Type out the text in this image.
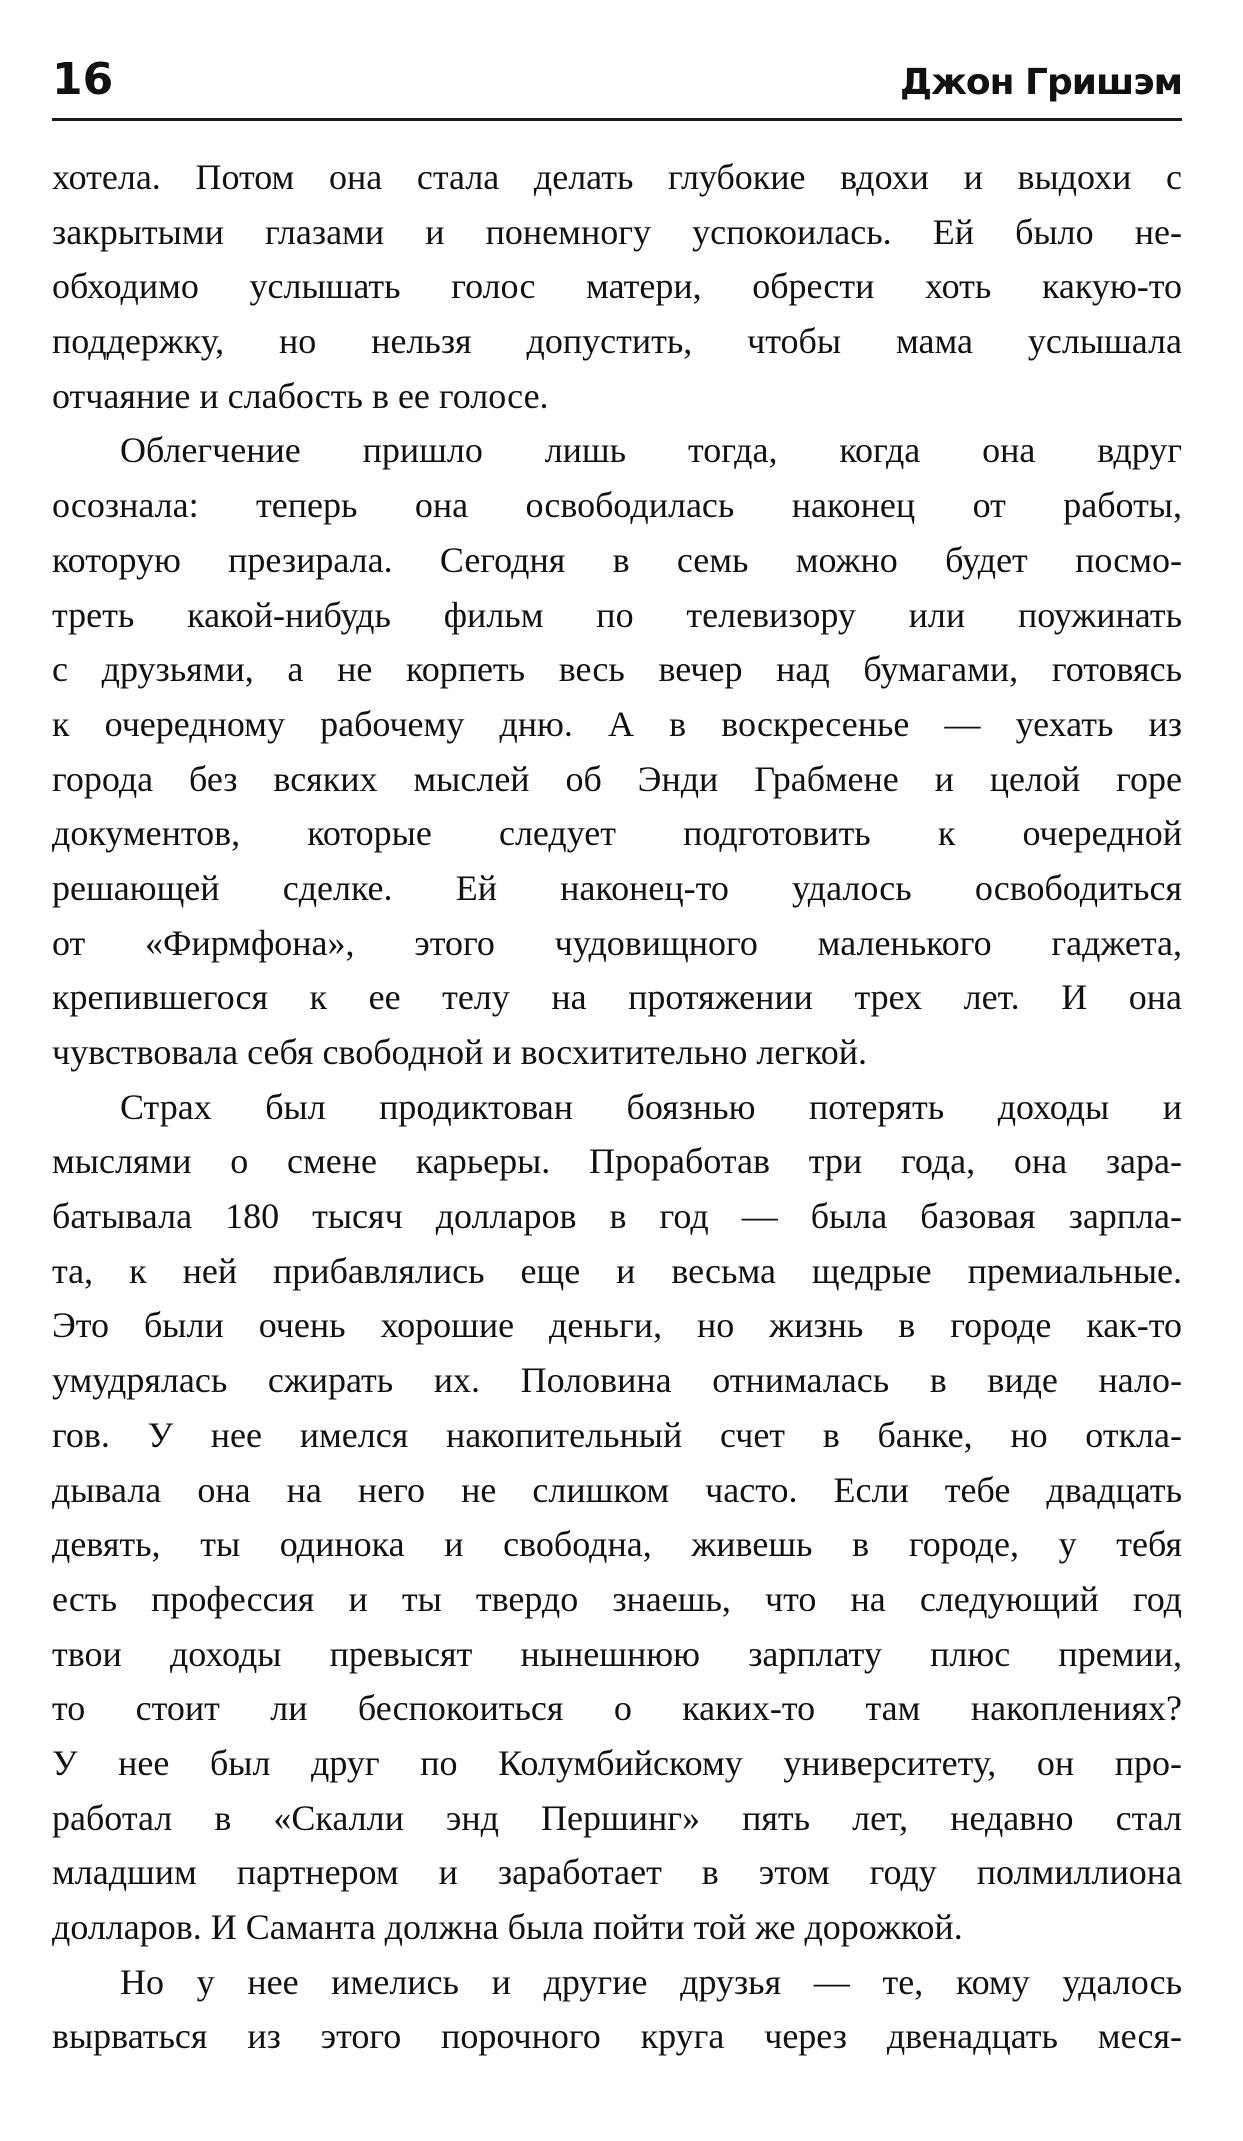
16	Джон Гришэм
хотела. Потом она стала делать глубокие вдохи и выдохи с
закрытыми глазами и понемногу успокоилась. Ей было не-
обходимо услышать голос матери, обрести хоть какую-то
поддержку, но нельзя допустить, чтобы мама услышала
отчаяние и слабость в ее голосе.
Облегчение пришло лишь тогда, когда она вдруг
осознала: теперь она освободилась наконец от работы,
которую презирала. Сегодня в семь можно будет посмо-
треть какой-нибудь фильм по телевизору или поужинать
с друзьями, а не корпеть весь вечер над бумагами, готовясь
к очередному рабочему дню. А в воскресенье — уехать из
города без всяких мыслей об Энди Грабмене и целой горе
документов, которые следует подготовить к очередной
решающей сделке. Ей наконец-то удалось освободиться
от «Фирмфона», этого чудовищного маленького гаджета,
крепившегося к ее телу на протяжении трех лет. И она
чувствовала себя свободной и восхитительно легкой.
Страх был продиктован боязнью потерять доходы и
мыслями о смене карьеры. Проработав три года, она зара-
батывала 180 тысяч долларов в год — была базовая зарпла-
та, к ней прибавлялись еще и весьма щедрые премиальные.
Это были очень хорошие деньги, но жизнь в городе как-то
умудрялась сжирать их. Половина отнималась в виде нало-
гов. У нее имелся накопительный счет в банке, но откла-
дывала она на него не слишком часто. Если тебе двадцать
девять, ты одинока и свободна, живешь в городе, у тебя
есть профессия и ты твердо знаешь, что на следующий год
твои доходы превысят нынешнюю зарплату плюс премии,
то стоит ли беспокоиться о каких-то там накоплениях?
У нее был друг по Колумбийскому университету, он про-
работал в «Скалли энд Першинг» пять лет, недавно стал
младшим партнером и заработает в этом году полмиллиона
долларов. И Саманта должна была пойти той же дорожкой.
Но у нее имелись и другие друзья — те, кому удалось
вырваться из этого порочного круга через двенадцать меся-
